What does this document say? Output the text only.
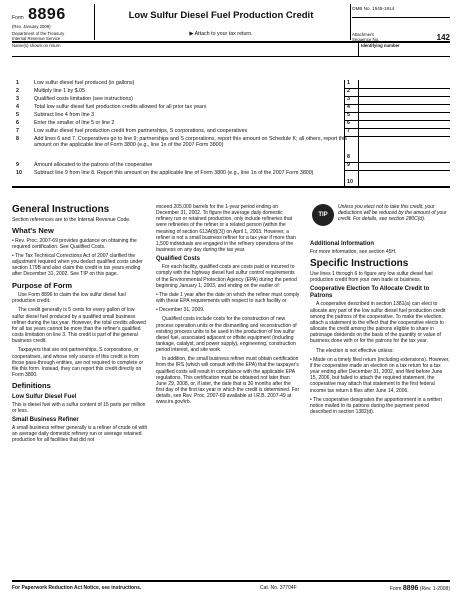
Form 8896
(Rev. January 2008)
Department of the Treasury
Internal Revenue Service
Low Sulfur Diesel Fuel Production Credit
▶ Attach to your tax return.
OMB No. 1545-1914
Attachment
Sequence No.	142
Name(s) shown on return	Identifying number
1	Low sulfur diesel fuel produced (in gallons)	1
2	Multiply line 1 by $.05	2
3	Qualified costs limitation (see instructions)	3
4	Total low sulfur diesel fuel production credits allowed for all prior tax years	4
5	Subtract line 4 from line 3	5
6	Enter the smaller of line 5 or line 2	6
7	Low sulfur diesel fuel production credit from partnerships, S corporations, and cooperatives	7
8	Add lines 6 and 7. Cooperatives go to line 9; partnerships and S corporations, report this amount on Schedule K; all others, report this amount on the applicable line of Form 3800 (e.g., line 1n of the 2007 Form 3800)
8
9	Amount allocated to the patrons of the cooperative	9
10 Subtract line 9 from line 8. Report this amount on the applicable line of Form 3800 (e.g., line 1n of the 2007 Form 3800)
10
General Instructions

Section references are to the Internal Revenue Code.

What's New

• Rev. Proc. 2007-69 provides guidance on obtaining the required certification. See Qualified Costs.

• The Tax Technical Corrections Act of 2007 clarified the adjustment required when you deduct qualified costs under section 179B and also claim this credit in tax years ending after December 31, 2002. See TIP on this page.

Purpose of Form

Use Form 8896 to claim the low sulfur diesel fuel production credit.

The credit generally is 5 cents for every gallon of low sulfur diesel fuel produced by a qualified small business refiner during the tax year. However, the total credits allowed for all tax years cannot be more than the refiner's qualified costs limitation on line 3. This credit is part of the general business credit.

Taxpayers that are not partnerships, S corporations, or cooperatives, and whose only source of this credit is from those pass-through entities, are not required to complete or file this form. Instead, they can report this credit directly on Form 3800.

Definitions
Low Sulfur Diesel Fuel

This is diesel fuel with a sulfur content of 15 parts per million or less.

Small Business Refiner

A small business refiner generally is a refiner of crude oil with an average daily domestic refinery run or average retained production for all facilities that did not

exceed 205,000 barrels for the 1-year period ending on December 31, 2002. To figure the average daily domestic refinery run or retained production, only include refineries that were refineries of the refiner or a related person (within the meaning of section 613A(d)(3)) on April 1, 2003. However, a refiner is not a small business refiner for a tax year if more than 1,500 individuals are engaged in the refinery operations of the business on any day during the tax year.

Qualified Costs

For each facility, qualified costs are costs paid or incurred to comply with the highway diesel fuel sulfur control requirements of the Environmental Protection Agency (EPA) during the period beginning January 1, 2003, and ending on the earlier of:

• The date 1 year after the date on which the refiner must comply with these EPA requirements with respect to such facility or

• December 31, 2009.

Qualified costs include costs for the construction of new process operation units or the dismantling and reconstruction of existing process units to be used in the production of low sulfur diesel fuel, associated adjacent or offsite equipment (including tankage, catalyst, and power supply), engineering, construction period interest, and site work.

In addition, the small business refiner must obtain certification from the IRS (which will consult with the EPA) that the taxpayer's qualified costs will result in compliance with the applicable EPA regulations. This certification must be obtained not later than June 29, 2008, or, if later, the date that is 30 months after the first day of the first tax year in which the credit is determined. For details, see Rev. Proc. 2007-69 available at I.R.B. 2007-49 at www.irs.gov/irb.

TIP
Unless you elect not to take this credit, your deductions will be reduced by the amount of your credit. For details, see section 280C(d).
Additional Information

For more information, see section 45H.

Specific Instructions

Use lines 1 through 6 to figure any low sulfur diesel fuel production credit from your own trade or business.

Cooperative Election To Allocate Credit to Patrons

A cooperative described in section 1381(a) can elect to allocate any part of the low sulfur diesel fuel production credit among the patrons of the cooperative. To make the election, attach a statement to the effect that the cooperative elects to allocate the credit among the patrons eligible to share in patronage dividends on the basis of the quantity or value of business done with or for the patrons for the tax year.

The election is not effective unless:

• Made on a timely filed return (including extensions). However, if the cooperative made an election on a tax return for a tax year ending after December 31, 2002, and filed before June 15, 2006, but failed to attach the required statement, the cooperative may attach that statement to the first federal income tax return it files after June 14, 2006.

• The cooperative designates the apportionment in a written notice mailed to its patrons during the payment period described in section 1382(d).

For Paperwork Reduction Act Notice, see instructions.	Cat. No. 37704F	Form 8896 (Rev. 1-2008)
